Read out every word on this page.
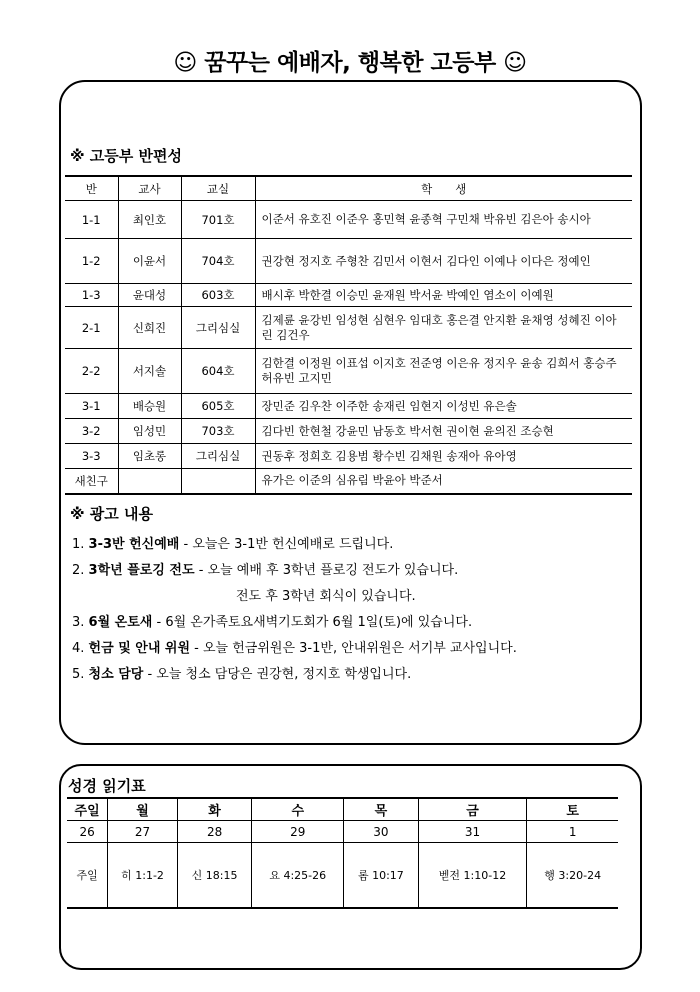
☺ 꿈꾸는 예배자, 행복한 고등부 ☺
※ 고등부 반편성
반	교사	교실	학　　생
1-1	최인호	701호	이준서 유호진 이준우 홍민혁 윤종혁 구민채 박유빈 김은아 송시아
1-2	이윤서	704호	권강현 정지호 주형찬 김민서 이현서 김다인 이예나 이다은 정예인
1-3	윤대성	603호	배시후 박한결 이승민 윤재원 박서윤 박예인 염소이 이예원
2-1	신희진	그리심실	김제륜 윤강빈 임성현 심현우 임대호 홍은결 안지환 윤채영 성혜진 이아린 김건우
2-2	서지솔	604호	김한결 이정원 이표섭 이지호 전준영 이은유 정지우 윤송 김희서 홍승주 허유빈 고지민
3-1	배승원	605호	장민준 김우찬 이주한 송재린 임현지 이성빈 유은솔
3-2	임성민	703호	김다빈 한현철 강윤민 남동호 박서현 권이현 윤의진 조승현
3-3	임초롱	그리심실	권동후 정희호 김용범 황수빈 김채원 송재아 유아영
새친구			유가은 이준의 심유림 박윤아 박준서
※ 광고 내용
1. 3-3반 헌신예배 - 오늘은 3-1반 헌신예배로 드립니다.
2. 3학년 플로깅 전도 - 오늘 예배 후 3학년 플로깅 전도가 있습니다.
전도 후 3학년 회식이 있습니다.
3. 6월 온토새 - 6월 온가족토요새벽기도회가 6월 1일(토)에 있습니다.
4. 헌금 및 안내 위원 - 오늘 헌금위원은 3-1반, 안내위원은 서기부 교사입니다.
5. 청소 담당 - 오늘 청소 담당은 권강현, 정지호 학생입니다.
성경 읽기표
주일	월	화	수	목	금	토
26	27	28	29	30	31	1
주일	히 1:1-2	신 18:15	요 4:25-26	롬 10:17	벧전 1:10-12	행 3:20-24
